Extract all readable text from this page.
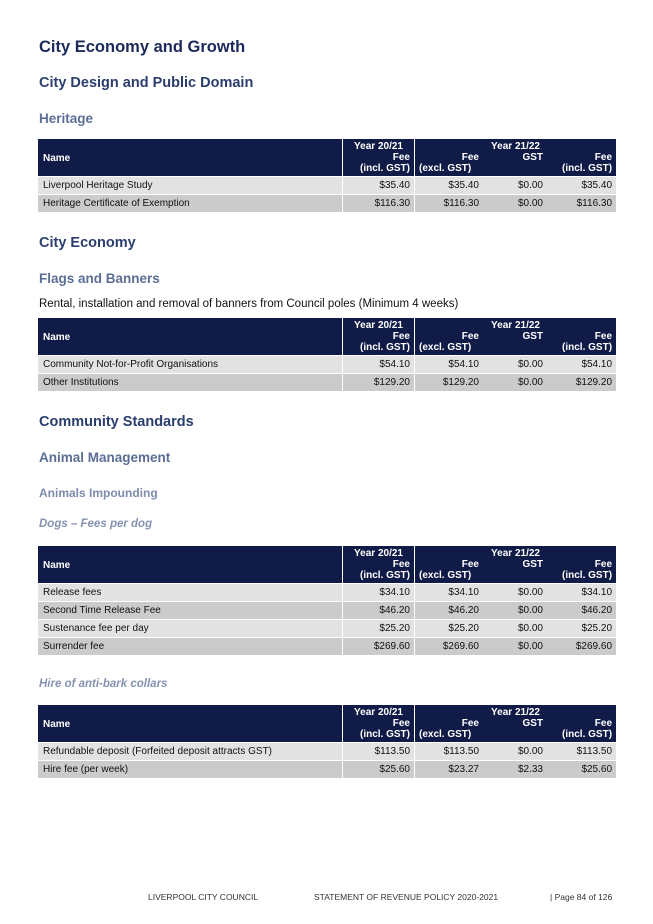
City Economy and Growth
City Design and Public Domain
Heritage
Name	Year 20/21	Year 21/22		
	Fee	Fee	GST	Fee
	(incl. GST)	(excl. GST)		(incl. GST)
Liverpool Heritage Study	$35.40	$35.40	$0.00	$35.40
Heritage Certificate of Exemption	$116.30	$116.30	$0.00	$116.30
City Economy
Flags and Banners
Rental, installation and removal of banners from Council poles (Minimum 4 weeks)
Name	Year 20/21	Year 21/22		
	Fee	Fee	GST	Fee
	(incl. GST)	(excl. GST)		(incl. GST)
Community Not-for-Profit Organisations	$54.10	$54.10	$0.00	$54.10
Other Institutions	$129.20	$129.20	$0.00	$129.20
Community Standards
Animal Management
Animals Impounding
Dogs – Fees per dog
Name	Year 20/21	Year 21/22		
	Fee	Fee	GST	Fee
	(incl. GST)	(excl. GST)		(incl. GST)
Release fees	$34.10	$34.10	$0.00	$34.10
Second Time Release Fee	$46.20	$46.20	$0.00	$46.20
Sustenance fee per day	$25.20	$25.20	$0.00	$25.20
Surrender fee	$269.60	$269.60	$0.00	$269.60
Hire of anti-bark collars
Name	Year 20/21	Year 21/22		
	Fee	Fee	GST	Fee
	(incl. GST)	(excl. GST)		(incl. GST)
Refundable deposit (Forfeited deposit attracts GST)	$113.50	$113.50	$0.00	$113.50
Hire fee (per week)	$25.60	$23.27	$2.33	$25.60
LIVERPOOL CITY COUNCIL	STATEMENT OF REVENUE POLICY 2020-2021	| Page 84 of 126
